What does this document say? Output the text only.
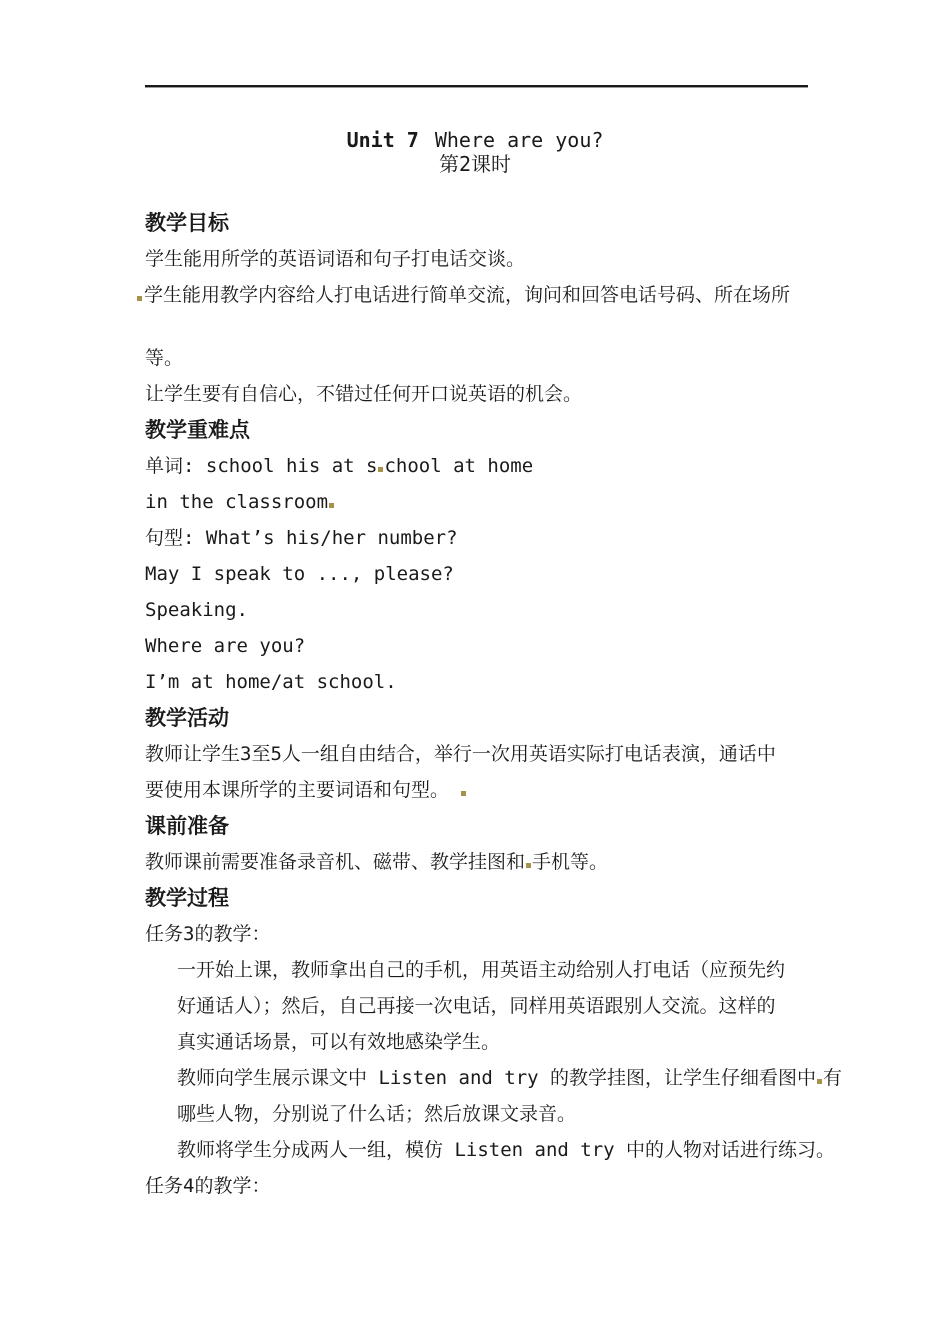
Unit 7 Where are you?
第2课时
教学目标
学生能用所学的英语词语和句子打电话交谈。
学生能用教学内容给人打电话进行简单交流，询问和回答电话号码、所在场所
等。
让学生要有自信心，不错过任何开口说英语的机会。
教学重难点
单词: school his at s chool at home
in the classroom
句型: What’s his/her number?
May I speak to ..., please?
Speaking.
Where are you?
I’m at home/at school.
教学活动
教师让学生3至5人一组自由结合，举行一次用英语实际打电话表演，通话中
要使用本课所学的主要词语和句型。
课前准备
教师课前需要准备录音机、磁带、教学挂图和 手机等。
教学过程
任务3的教学：
一开始上课，教师拿出自己的手机，用英语主动给别人打电话（应预先约
好通话人）；然后，自己再接一次电话，同样用英语跟别人交流。这样的
真实通话场景，可以有效地感染学生。
教师向学生展示课文中 Listen and try 的教学挂图，让学生仔细看图中 有
哪些人物，分别说了什么话；然后放课文录音。
教师将学生分成两人一组，模仿 Listen and try 中的人物对话进行练习。
任务4的教学：
